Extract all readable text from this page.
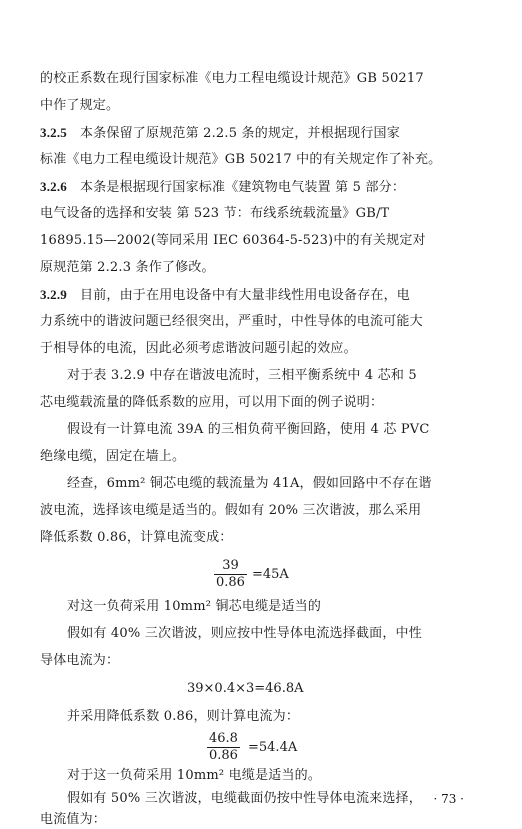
的校正系数在现行国家标准《电力工程电缆设计规范》GB 50217
中作了规定。
3.2.5 本条保留了原规范第 2.2.5 条的规定，并根据现行国家
标准《电力工程电缆设计规范》GB 50217 中的有关规定作了补充。
3.2.6 本条是根据现行国家标准《建筑物电气装置 第 5 部分：
电气设备的选择和安装 第 523 节：布线系统载流量》GB/T
16895.15—2002(等同采用 IEC 60364-5-523)中的有关规定对
原规范第 2.2.3 条作了修改。
3.2.9 目前，由于在用电设备中有大量非线性用电设备存在，电
力系统中的谐波问题已经很突出，严重时，中性导体的电流可能大
于相导体的电流，因此必须考虑谐波问题引起的效应。
对于表 3.2.9 中存在谐波电流时，三相平衡系统中 4 芯和 5
芯电缆载流量的降低系数的应用，可以用下面的例子说明：
假设有一计算电流 39A 的三相负荷平衡回路，使用 4 芯 PVC
绝缘电缆，固定在墙上。
经查，6mm² 铜芯电缆的载流量为 41A，假如回路中不存在谐
波电流，选择该电缆是适当的。假如有 20% 三次谐波，那么采用
降低系数 0.86，计算电流变成：
$\frac{39}{0.86} =45A$
对这一负荷采用 10mm² 铜芯电缆是适当的
假如有 40% 三次谐波，则应按中性导体电流选择截面，中性
导体电流为：
39×0.4×3=46.8A
并采用降低系数 0.86，则计算电流为：
$\frac{46.8}{0.86} =54.4A$
对于这一负荷采用 10mm² 电缆是适当的。
假如有 50% 三次谐波，电缆截面仍按中性导体电流来选择，
电流值为：
· 73 ·
